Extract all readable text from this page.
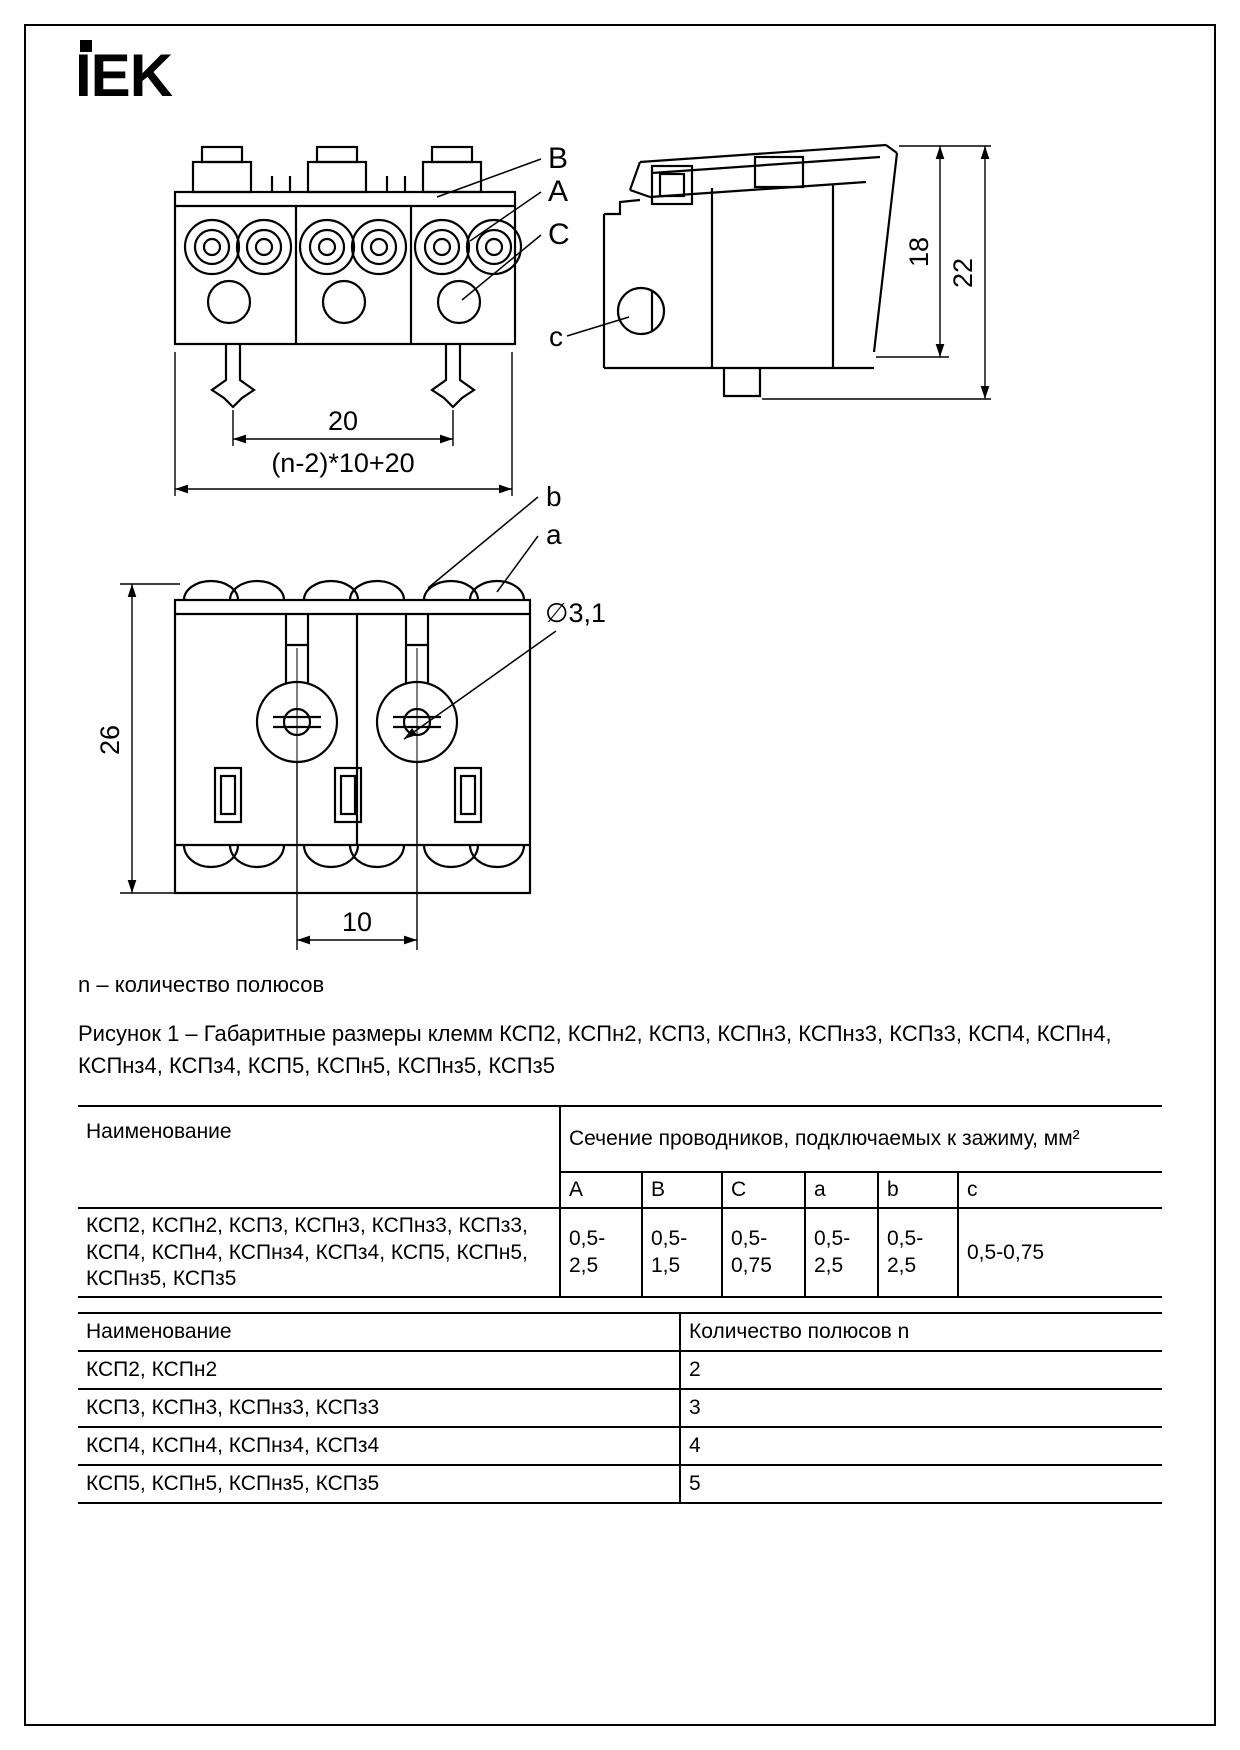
IEK
B
A
C
20
(n-2)*10+20
c
18
22
b
a
∅3,1
26
10
n – количество полюсов
Рисунок 1 – Габаритные размеры клемм КСП2, КСПн2, КСП3, КСПн3, КСПнз3, КСПз3, КСП4, КСПн4, КСПнз4, КСПз4, КСП5, КСПн5, КСПнз5, КСПз5
Наименование	Сечение проводников, подключаемых к зажиму, мм²					
	A	B	C	a	b	c
КСП2, КСПн2, КСП3, КСПн3, КСПнз3, КСПз3, КСП4, КСПн4, КСПнз4, КСПз4, КСП5, КСПн5, КСПнз5, КСПз5	0,5-2,5	0,5-1,5	0,5-0,75	0,5-2,5	0,5-2,5	0,5-0,75
Наименование	Количество полюсов n
КСП2, КСПн2	2
КСП3, КСПн3, КСПнз3, КСПз3	3
КСП4, КСПн4, КСПнз4, КСПз4	4
КСП5, КСПн5, КСПнз5, КСПз5	5
